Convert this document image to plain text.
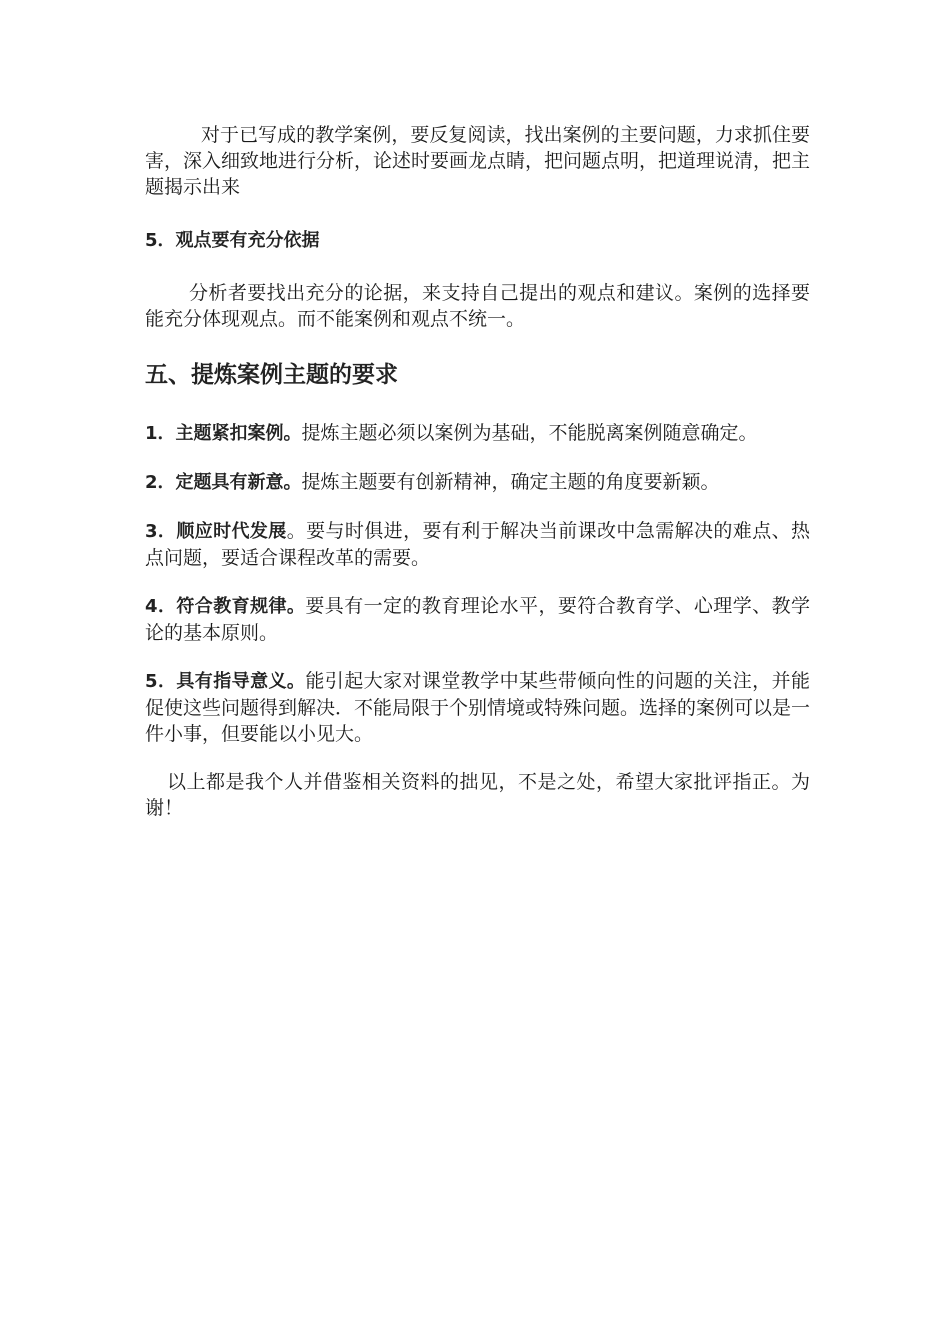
对于已写成的教学案例，要反复阅读，找出案例的主要问题，力求抓住要害，深入细致地进行分析，论述时要画龙点睛，把问题点明，把道理说清，把主题揭示出来

5．观点要有充分依据

分析者要找出充分的论据，来支持自己提出的观点和建议。案例的选择要能充分体现观点。而不能案例和观点不统一。

五、提炼案例主题的要求

1．主题紧扣案例。提炼主题必须以案例为基础，不能脱离案例随意确定。

2．定题具有新意。提炼主题要有创新精神，确定主题的角度要新颖。

3．顺应时代发展。要与时俱进，要有利于解决当前课改中急需解决的难点、热点问题，要适合课程改革的需要。

4．符合教育规律。要具有一定的教育理论水平，要符合教育学、心理学、教学论的基本原则。

5．具有指导意义。能引起大家对课堂教学中某些带倾向性的问题的关注，并能促使这些问题得到解决．不能局限于个别情境或特殊问题。选择的案例可以是一件小事，但要能以小见大。

以上都是我个人并借鉴相关资料的拙见，不是之处，希望大家批评指正。为谢！
